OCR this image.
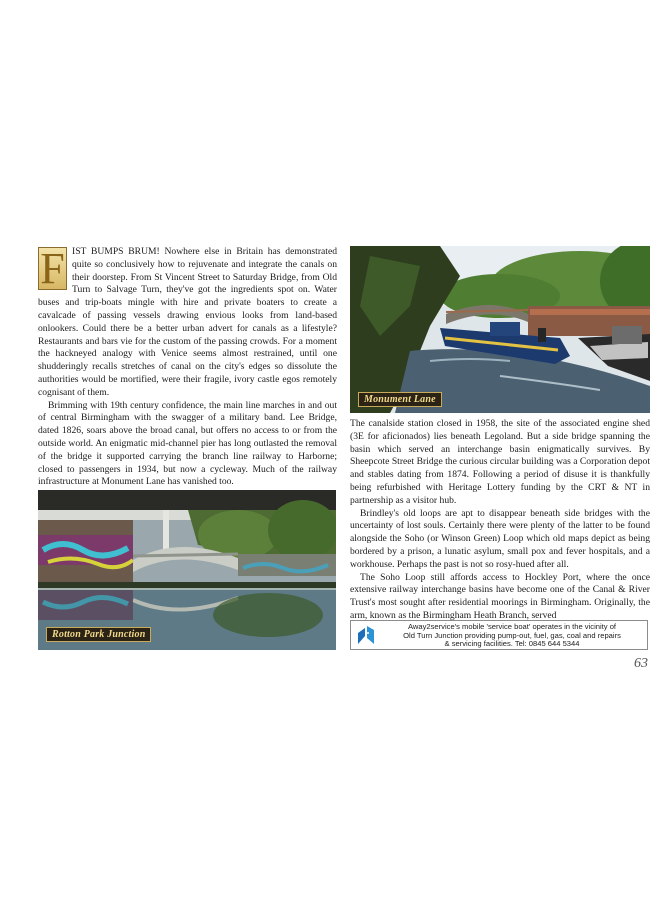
F IST BUMPS BRUM! Nowhere else in Britain has demonstrated quite so conclusively how to rejuvenate and integrate the canals on their doorstep. From St Vincent Street to Saturday Bridge, from Old Turn to Salvage Turn, they've got the ingredients spot on. Water buses and trip-boats mingle with hire and private boaters to create a cavalcade of passing vessels drawing envious looks from land-based onlookers. Could there be a better urban advert for canals as a lifestyle? Restaurants and bars vie for the custom of the passing crowds. For a moment the hackneyed analogy with Venice seems almost restrained, until one shudderingly recalls stretches of canal on the city's edges so dissolute the authorities would be mortified, were their fragile, ivory castle egos remotely cognisant of them.

Brimming with 19th century confidence, the main line marches in and out of central Birmingham with the swagger of a military band. Lee Bridge, dated 1826, soars above the broad canal, but offers no access to or from the outside world. An enigmatic mid-channel pier has long outlasted the removal of the bridge it supported carrying the branch line railway to Harborne; closed to passengers in 1934, but now a cycleway. Much of the railway infrastructure at Monument Lane has vanished too.

Rotton Park Junction
Monument Lane

The canalside station closed in 1958, the site of the associated engine shed (3E for aficionados) lies beneath Legoland. But a side bridge spanning the basin which served an interchange basin enigmatically survives. By Sheepcote Street Bridge the curious circular building was a Corporation depot and stables dating from 1874. Following a period of disuse it is thankfully being refurbished with Heritage Lottery funding by the CRT & NT in partnership as a visitor hub.

Brindley's old loops are apt to disappear beneath side bridges with the uncertainty of lost souls. Certainly there were plenty of the latter to be found alongside the Soho (or Winson Green) Loop which old maps depict as being bordered by a prison, a lunatic asylum, small pox and fever hospitals, and a workhouse. Perhaps the past is not so rosy-hued after all.

The Soho Loop still affords access to Hockley Port, where the once extensive railway interchange basins have become one of the Canal & River Trust's most sought after residential moorings in Birmingham. Originally, the arm, known as the Birmingham Heath Branch, served

Away2service's mobile 'service boat' operates in the vicinity of
Old Turn Junction providing pump-out, fuel, gas, coal and repairs
& servicing facilities. Tel: 0845 644 5344
63
